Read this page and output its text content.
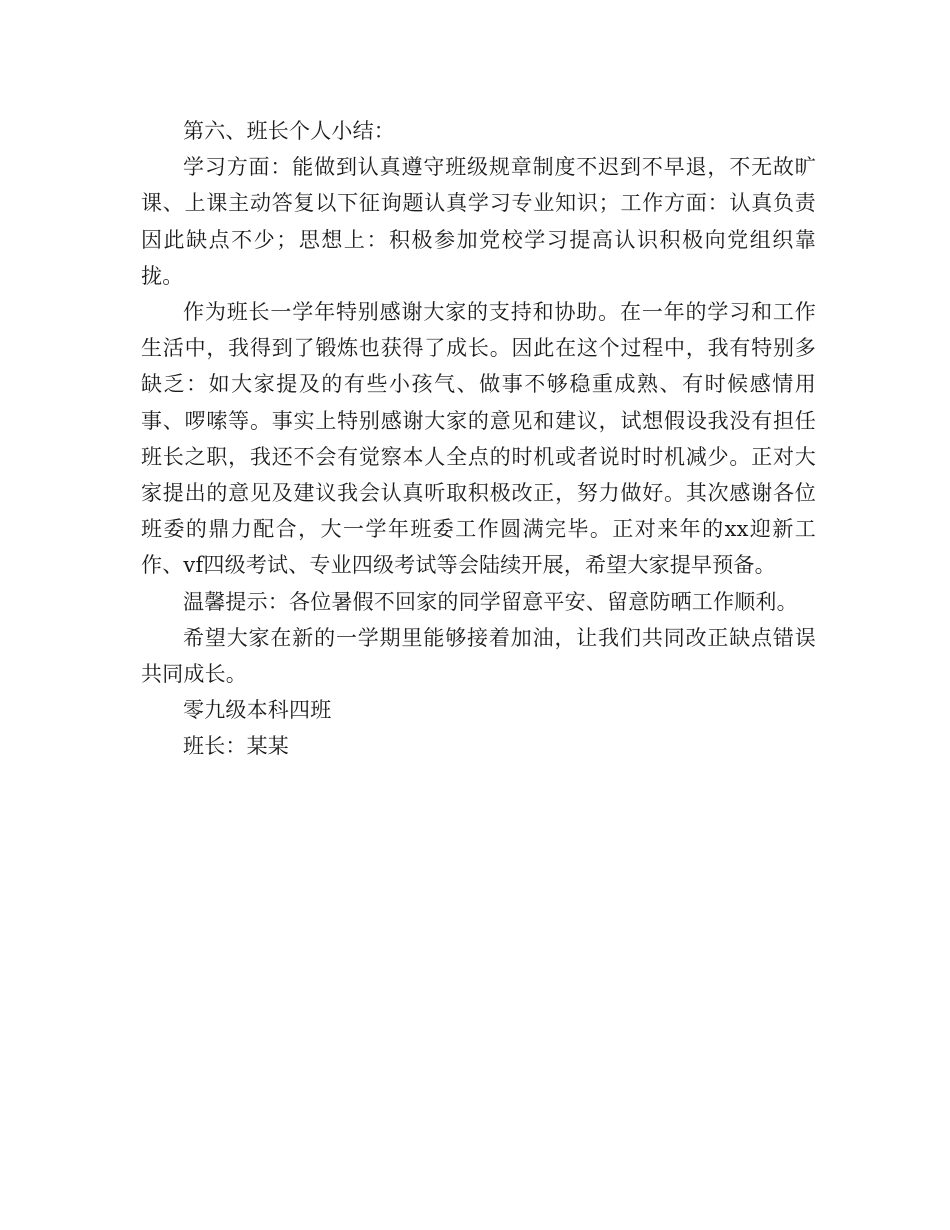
第六、班长个人小结：

学习方面：能做到认真遵守班级规章制度不迟到不早退，不无故旷课、上课主动答复以下征询题认真学习专业知识；工作方面：认真负责因此缺点不少；思想上：积极参加党校学习提高认识积极向党组织靠拢。

作为班长一学年特别感谢大家的支持和协助。在一年的学习和工作生活中，我得到了锻炼也获得了成长。因此在这个过程中，我有特别多缺乏：如大家提及的有些小孩气、做事不够稳重成熟、有时候感情用事、啰嗦等。事实上特别感谢大家的意见和建议，试想假设我没有担任班长之职，我还不会有觉察本人全点的时机或者说时时机减少。正对大家提出的意见及建议我会认真听取积极改正，努力做好。其次感谢各位班委的鼎力配合，大一学年班委工作圆满完毕。正对来年的xx迎新工作、vf四级考试、专业四级考试等会陆续开展，希望大家提早预备。

温馨提示：各位暑假不回家的同学留意平安、留意防晒工作顺利。

希望大家在新的一学期里能够接着加油，让我们共同改正缺点错误共同成长。

零九级本科四班

班长：某某
